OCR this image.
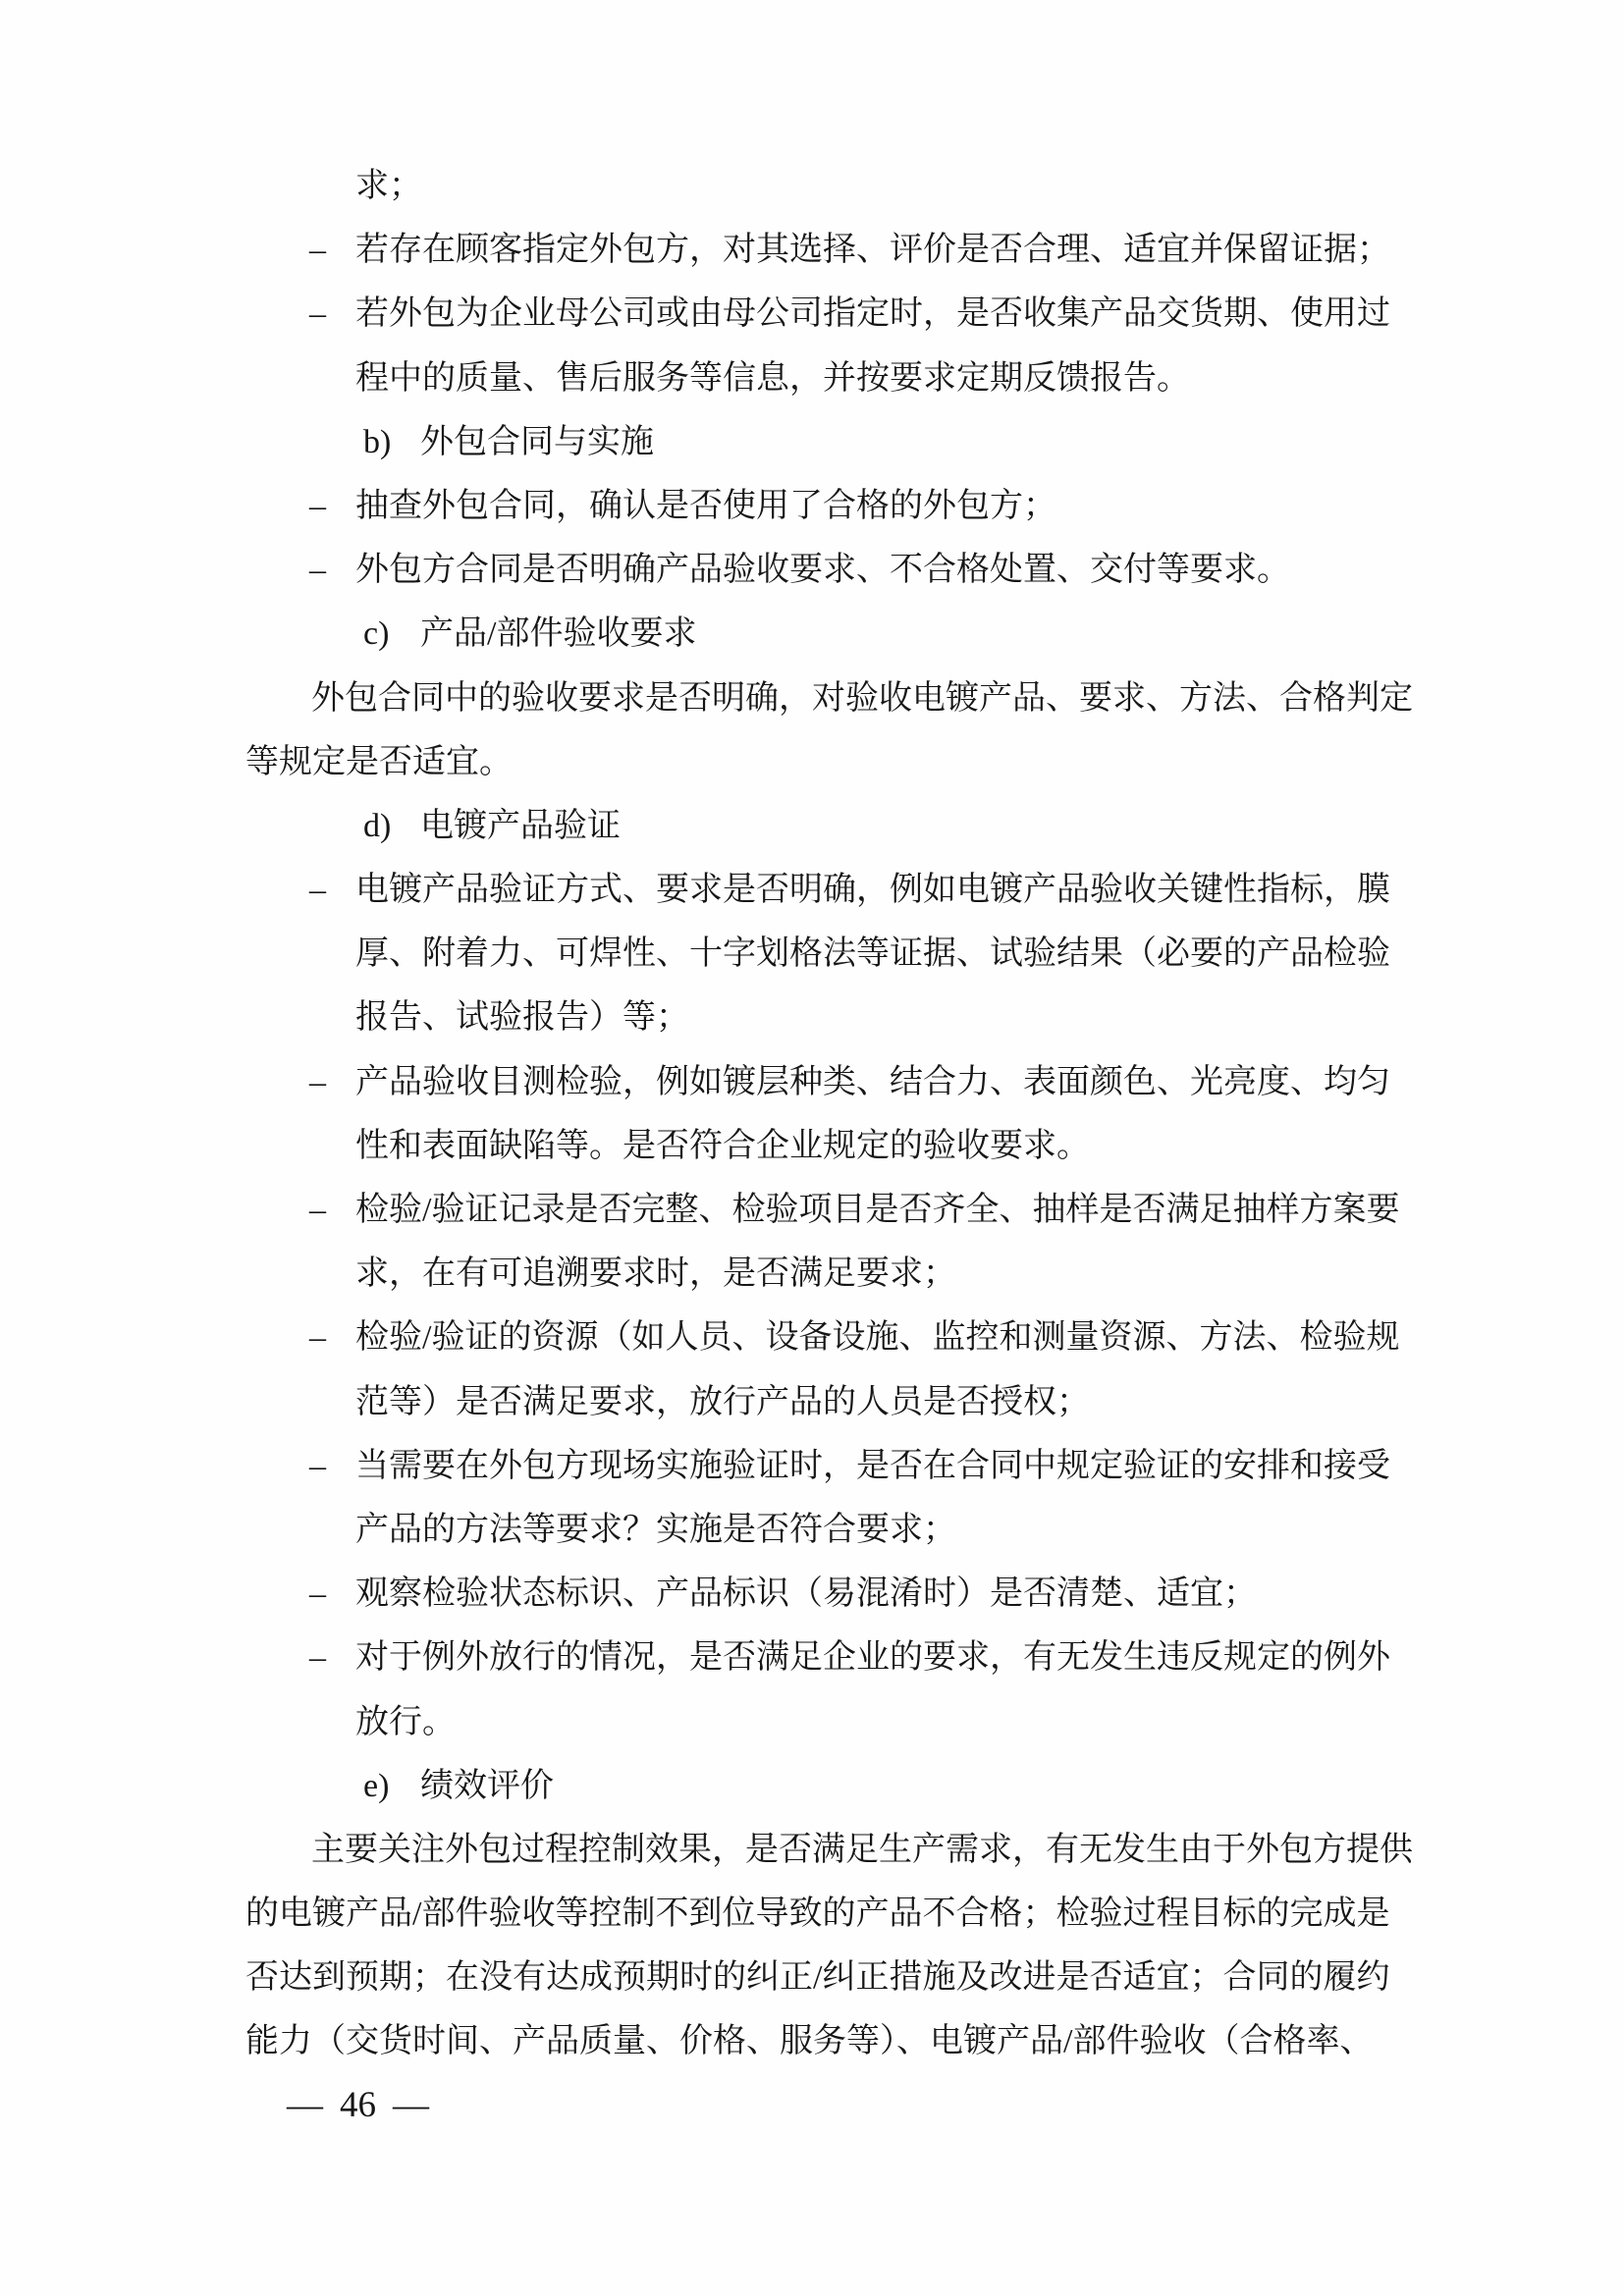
求；
– 若存在顾客指定外包方，对其选择、评价是否合理、适宜并保留证据；
– 若外包为企业母公司或由母公司指定时，是否收集产品交货期、使用过
程中的质量、售后服务等信息，并按要求定期反馈报告。
b) 外包合同与实施
– 抽查外包合同，确认是否使用了合格的外包方；
– 外包方合同是否明确产品验收要求、不合格处置、交付等要求。
c) 产品/部件验收要求
外包合同中的验收要求是否明确，对验收电镀产品、要求、方法、合格判定
等规定是否适宜。
d) 电镀产品验证
– 电镀产品验证方式、要求是否明确，例如电镀产品验收关键性指标，膜
厚、附着力、可焊性、十字划格法等证据、试验结果（必要的产品检验
报告、试验报告）等；
– 产品验收目测检验，例如镀层种类、结合力、表面颜色、光亮度、均匀
性和表面缺陷等。是否符合企业规定的验收要求。
– 检验/验证记录是否完整、检验项目是否齐全、抽样是否满足抽样方案要
求，在有可追溯要求时，是否满足要求；
– 检验/验证的资源（如人员、设备设施、监控和测量资源、方法、检验规
范等）是否满足要求，放行产品的人员是否授权；
– 当需要在外包方现场实施验证时，是否在合同中规定验证的安排和接受
产品的方法等要求？实施是否符合要求；
– 观察检验状态标识、产品标识（易混淆时）是否清楚、适宜；
– 对于例外放行的情况，是否满足企业的要求，有无发生违反规定的例外
放行。
e) 绩效评价
主要关注外包过程控制效果，是否满足生产需求，有无发生由于外包方提供
的电镀产品/部件验收等控制不到位导致的产品不合格；检验过程目标的完成是
否达到预期；在没有达成预期时的纠正/纠正措施及改进是否适宜；合同的履约
能力（交货时间、产品质量、价格、服务等）、电镀产品/部件验收（合格率、
— 46 —
